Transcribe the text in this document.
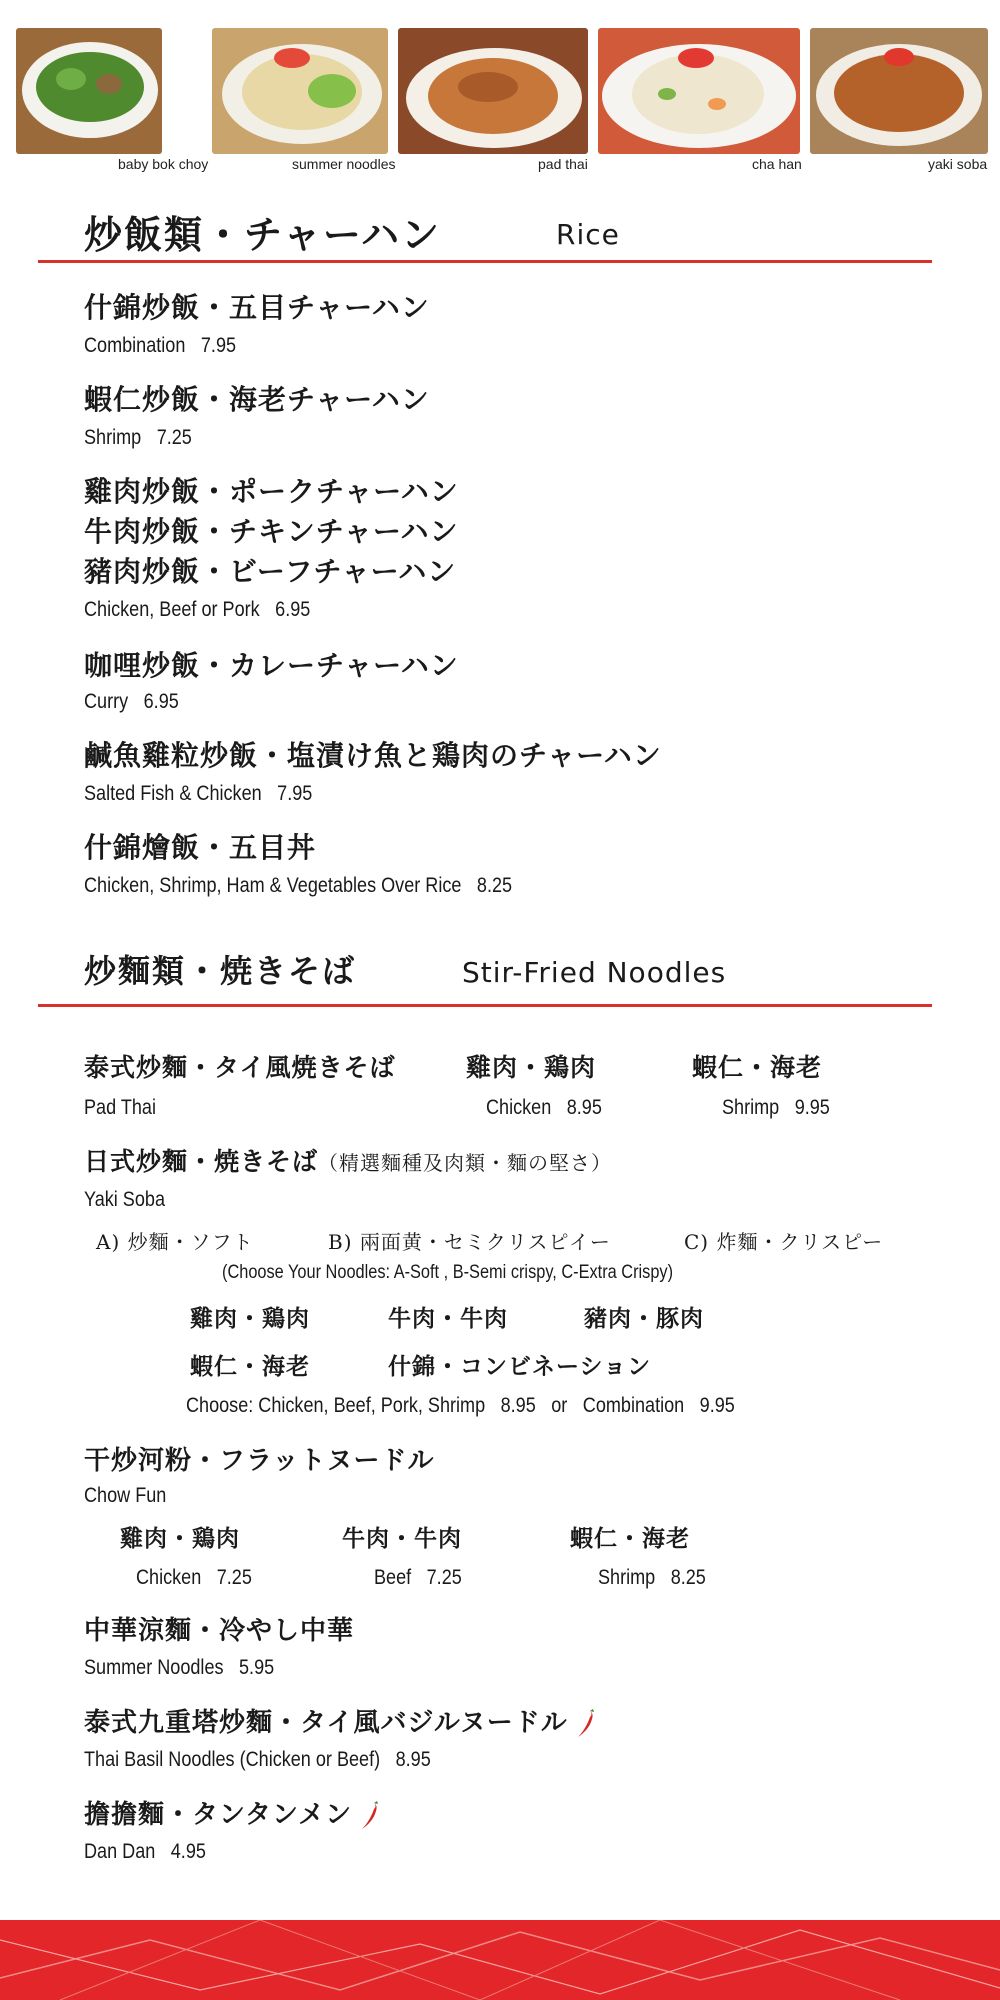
baby bok choy	summer noodles	pad thai	cha han	yaki soba
炒飯類・チャーハン	Rice
什錦炒飯・五目チャーハン
Combination 7.95
蝦仁炒飯・海老チャーハン
Shrimp 7.25
雞肉炒飯・ポークチャーハン
牛肉炒飯・チキンチャーハン
豬肉炒飯・ビーフチャーハン
Chicken, Beef or Pork 6.95
咖哩炒飯・カレーチャーハン
Curry 6.95
鹹魚雞粒炒飯・塩漬け魚と鶏肉のチャーハン
Salted Fish & Chicken 7.95
什錦燴飯・五目丼
Chicken, Shrimp, Ham & Vegetables Over Rice 8.25
炒麵類・焼きそば	Stir-Fried Noodles
泰式炒麵・タイ風焼きそば	雞肉・鶏肉	蝦仁・海老
Pad Thai	Chicken 8.95	Shrimp 9.95
日式炒麵・焼きそば（精選麵種及肉類・麵の堅さ）
Yaki Soba
A) 炒麵・ソフト	B) 兩面黄・セミクリスピイー	C) 炸麵・クリスピー
(Choose Your Noodles: A-Soft , B-Semi crispy, C-Extra Crispy)
雞肉・鶏肉	牛肉・牛肉	豬肉・豚肉
蝦仁・海老	什錦・コンビネーション
Choose: Chicken, Beef, Pork, Shrimp 8.95 or Combination 9.95
干炒河粉・フラットヌードル
Chow Fun
雞肉・鶏肉	牛肉・牛肉	蝦仁・海老
Chicken 7.25	Beef 7.25	Shrimp 8.25
中華涼麵・冷やし中華
Summer Noodles 5.95
泰式九重塔炒麵・タイ風バジルヌードル
Thai Basil Noodles (Chicken or Beef) 8.95
擔擔麵・タンタンメン
Dan Dan 4.95
